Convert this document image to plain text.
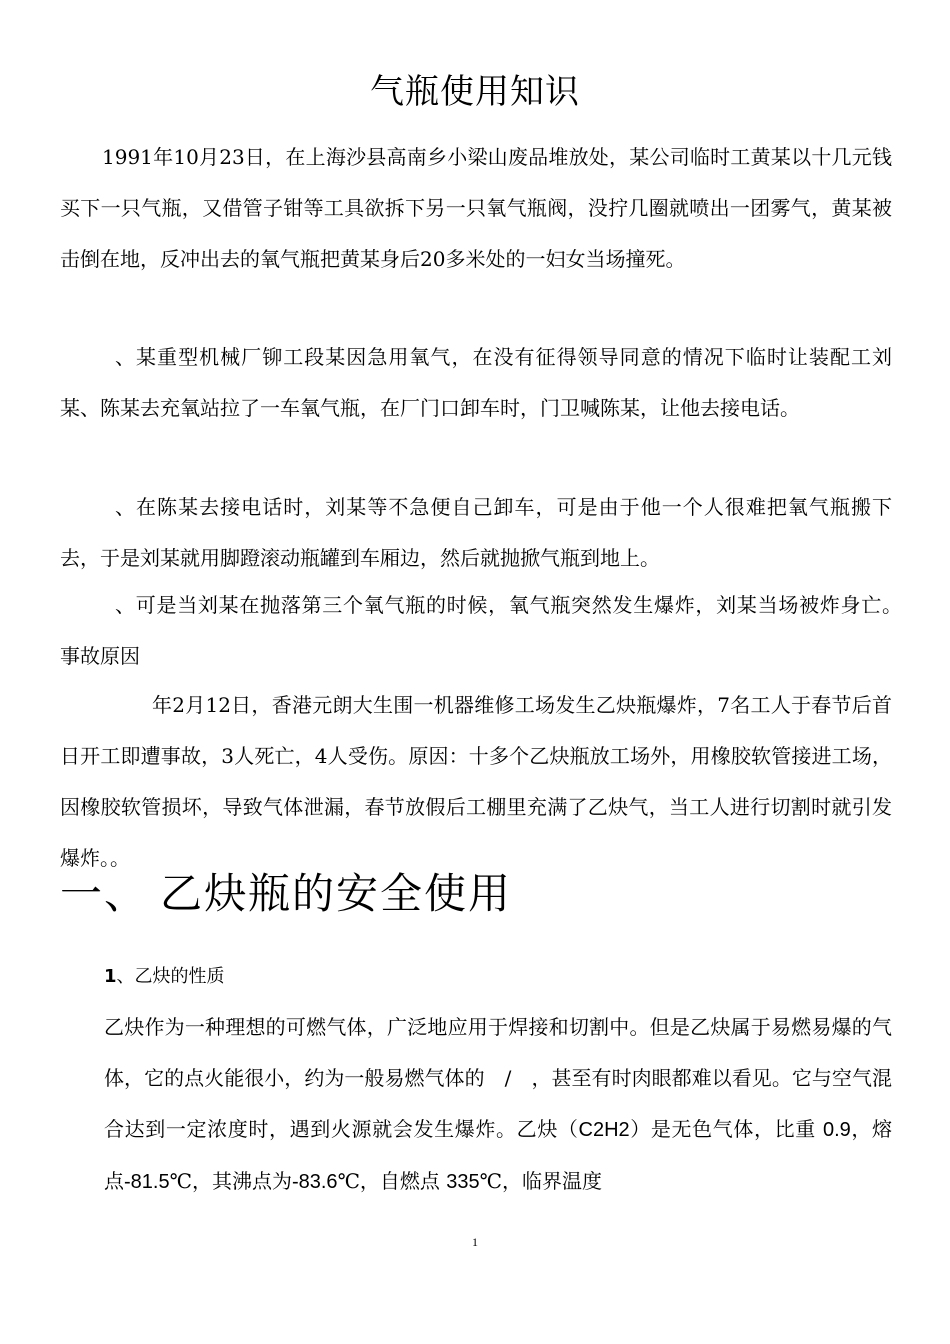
气瓶使用知识

1991年10月23日，在上海沙县高南乡小梁山废品堆放处，某公司临时工黄某以十几元钱买下一只气瓶，又借管子钳等工具欲拆下另一只氧气瓶阀，没拧几圈就喷出一团雾气，黄某被击倒在地，反冲出去的氧气瓶把黄某身后20多米处的一妇女当场撞死。

、某重型机械厂铆工段某因急用氧气，在没有征得领导同意的情况下临时让装配工刘某、陈某去充氧站拉了一车氧气瓶，在厂门口卸车时，门卫喊陈某，让他去接电话。

、在陈某去接电话时，刘某等不急便自己卸车，可是由于他一个人很难把氧气瓶搬下去，于是刘某就用脚蹬滚动瓶罐到车厢边，然后就抛掀气瓶到地上。

、可是当刘某在抛落第三个氧气瓶的时候，氧气瓶突然发生爆炸，刘某当场被炸身亡。　事故原因

年2月12日，香港元朗大生围一机器维修工场发生乙炔瓶爆炸，7名工人于春节后首日开工即遭事故，3人死亡，4人受伤。原因：十多个乙炔瓶放工场外，用橡胶软管接进工场，因橡胶软管损坏，导致气体泄漏，春节放假后工棚里充满了乙炔气，当工人进行切割时就引发爆炸。。

一、 乙炔瓶的安全使用
1、乙炔的性质

乙炔作为一种理想的可燃气体，广泛地应用于焊接和切割中。但是乙炔属于易燃易爆的气体，它的点火能很小，约为一般易燃气体的　/　，甚至有时肉眼都难以看见。它与空气混合达到一定浓度时，遇到火源就会发生爆炸。乙炔（C2H2）是无色气体，比重 0.9，熔点-81.5℃，其沸点为-83.6℃，自燃点 335℃，临界温度

1
